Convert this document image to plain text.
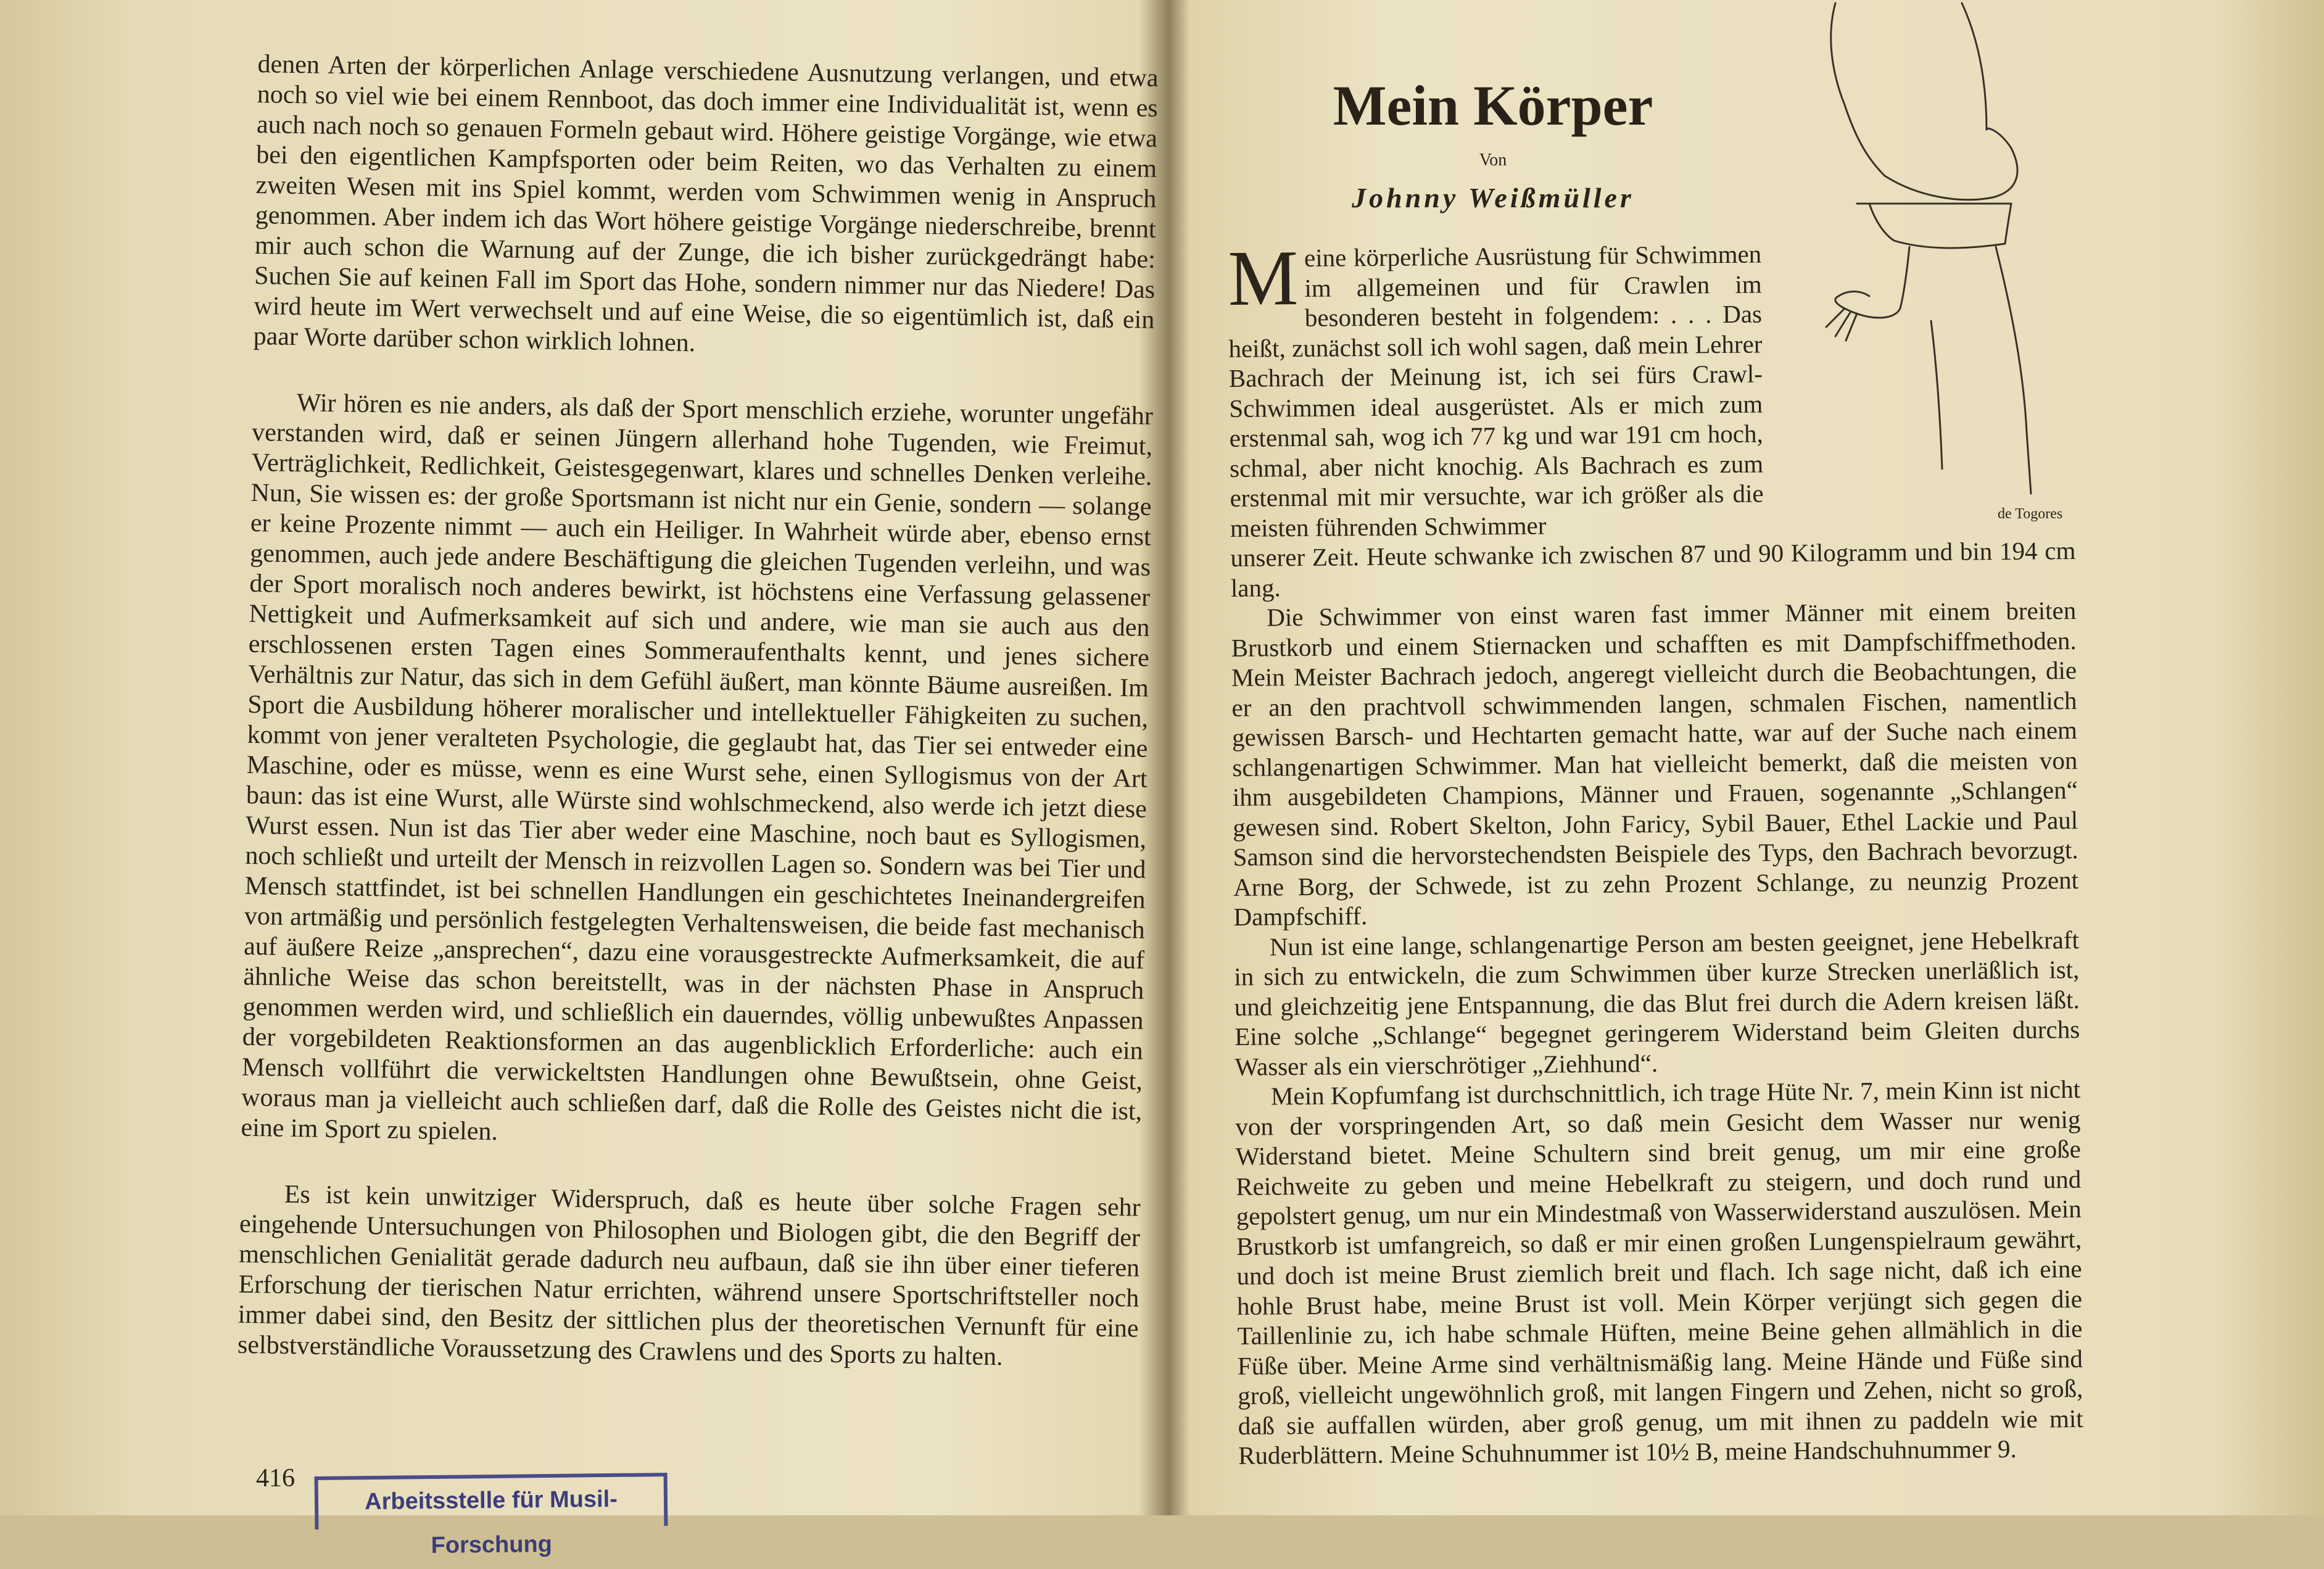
denen Arten der körperlichen Anlage verschiedene Ausnutzung verlangen, und etwa noch so viel wie bei einem Rennboot, das doch immer eine Individualität ist, wenn es auch nach noch so genauen Formeln gebaut wird. Höhere geistige Vorgänge, wie etwa bei den eigentlichen Kampfsporten oder beim Reiten, wo das Verhalten zu einem zweiten Wesen mit ins Spiel kommt, werden vom Schwimmen wenig in Anspruch genommen. Aber indem ich das Wort höhere geistige Vorgänge niederschreibe, brennt mir auch schon die Warnung auf der Zunge, die ich bisher zurückgedrängt habe: Suchen Sie auf keinen Fall im Sport das Hohe, sondern nimmer nur das Niedere! Das wird heute im Wert verwechselt und auf eine Weise, die so eigentümlich ist, daß ein paar Worte darüber schon wirklich lohnen.

Wir hören es nie anders, als daß der Sport menschlich erziehe, worunter ungefähr verstanden wird, daß er seinen Jüngern allerhand hohe Tugenden, wie Freimut, Verträglichkeit, Redlichkeit, Geistesgegenwart, klares und schnelles Denken verleihe. Nun, Sie wissen es: der große Sportsmann ist nicht nur ein Genie, sondern — solange er keine Prozente nimmt — auch ein Heiliger. In Wahrheit würde aber, ebenso ernst genommen, auch jede andere Beschäftigung die gleichen Tugenden verleihn, und was der Sport moralisch noch anderes bewirkt, ist höchstens eine Verfassung gelassener Nettigkeit und Aufmerksamkeit auf sich und andere, wie man sie auch aus den erschlossenen ersten Tagen eines Sommeraufenthalts kennt, und jenes sichere Verhältnis zur Natur, das sich in dem Gefühl äußert, man könnte Bäume ausreißen. Im Sport die Ausbildung höherer moralischer und intellektueller Fähigkeiten zu suchen, kommt von jener veralteten Psychologie, die geglaubt hat, das Tier sei entweder eine Maschine, oder es müsse, wenn es eine Wurst sehe, einen Syllogismus von der Art baun: das ist eine Wurst, alle Würste sind wohlschmeckend, also werde ich jetzt diese Wurst essen. Nun ist das Tier aber weder eine Maschine, noch baut es Syllogismen, noch schließt und urteilt der Mensch in reizvollen Lagen so. Sondern was bei Tier und Mensch stattfindet, ist bei schnellen Handlungen ein geschichtetes Ineinandergreifen von artmäßig und persönlich festgelegten Verhaltensweisen, die beide fast mechanisch auf äußere Reize „ansprechen“, dazu eine vorausgestreckte Aufmerksamkeit, die auf ähnliche Weise das schon bereitstellt, was in der nächsten Phase in Anspruch genommen werden wird, und schließlich ein dauerndes, völlig unbewußtes Anpassen der vorgebildeten Reaktionsformen an das augenblicklich Erforderliche: auch ein Mensch vollführt die verwickeltsten Handlungen ohne Bewußtsein, ohne Geist, woraus man ja vielleicht auch schließen darf, daß die Rolle des Geistes nicht die ist, eine im Sport zu spielen.

Es ist kein unwitziger Widerspruch, daß es heute über solche Fragen sehr eingehende Untersuchungen von Philosophen und Biologen gibt, die den Begriff der menschlichen Genialität gerade dadurch neu aufbaun, daß sie ihn über einer tieferen Erforschung der tierischen Natur errichten, während unsere Sportschriftsteller noch immer dabei sind, den Besitz der sittlichen plus der theoretischen Vernunft für eine selbstverständliche Voraussetzung des Crawlens und des Sports zu halten.

416
Arbeitsstelle für Musil-Forschung
Mein Körper
Von
Johnny Weißmüller
de Togores

Meine körperliche Ausrüstung für Schwimmen im allgemeinen und für Crawlen im besonderen besteht in folgendem: . . . Das heißt, zunächst soll ich wohl sagen, daß mein Lehrer Bachrach der Meinung ist, ich sei fürs Crawl-Schwimmen ideal ausgerüstet. Als er mich zum erstenmal sah, wog ich 77 kg und war 191 cm hoch, schmal, aber nicht knochig. Als Bachrach es zum erstenmal mit mir versuchte, war ich größer als die meisten führenden Schwimmer

unserer Zeit. Heute schwanke ich zwischen 87 und 90 Kilogramm und bin 194 cm lang.

Die Schwimmer von einst waren fast immer Männer mit einem breiten Brustkorb und einem Stiernacken und schafften es mit Dampfschiffmethoden. Mein Meister Bachrach jedoch, angeregt vielleicht durch die Beobachtungen, die er an den prachtvoll schwimmenden langen, schmalen Fischen, namentlich gewissen Barsch- und Hechtarten gemacht hatte, war auf der Suche nach einem schlangenartigen Schwimmer. Man hat vielleicht bemerkt, daß die meisten von ihm ausgebildeten Champions, Männer und Frauen, sogenannte „Schlangen“ gewesen sind. Robert Skelton, John Faricy, Sybil Bauer, Ethel Lackie und Paul Samson sind die hervorstechendsten Beispiele des Typs, den Bachrach bevorzugt. Arne Borg, der Schwede, ist zu zehn Prozent Schlange, zu neunzig Prozent Dampfschiff.

Nun ist eine lange, schlangenartige Person am besten geeignet, jene Hebelkraft in sich zu entwickeln, die zum Schwimmen über kurze Strecken unerläßlich ist, und gleichzeitig jene Entspannung, die das Blut frei durch die Adern kreisen läßt. Eine solche „Schlange“ begegnet geringerem Widerstand beim Gleiten durchs Wasser als ein vierschrötiger „Ziehhund“.

Mein Kopfumfang ist durchschnittlich, ich trage Hüte Nr. 7, mein Kinn ist nicht von der vorspringenden Art, so daß mein Gesicht dem Wasser nur wenig Widerstand bietet. Meine Schultern sind breit genug, um mir eine große Reichweite zu geben und meine Hebelkraft zu steigern, und doch rund und gepolstert genug, um nur ein Mindestmaß von Wasserwiderstand auszulösen. Mein Brustkorb ist umfangreich, so daß er mir einen großen Lungenspielraum gewährt, und doch ist meine Brust ziemlich breit und flach. Ich sage nicht, daß ich eine hohle Brust habe, meine Brust ist voll. Mein Körper verjüngt sich gegen die Taillenlinie zu, ich habe schmale Hüften, meine Beine gehen allmählich in die Füße über. Meine Arme sind verhältnismäßig lang. Meine Hände und Füße sind groß, vielleicht ungewöhnlich groß, mit langen Fingern und Zehen, nicht so groß, daß sie auffallen würden, aber groß genug, um mit ihnen zu paddeln wie mit Ruderblättern. Meine Schuhnummer ist 10½ B, meine Handschuhnummer 9.
